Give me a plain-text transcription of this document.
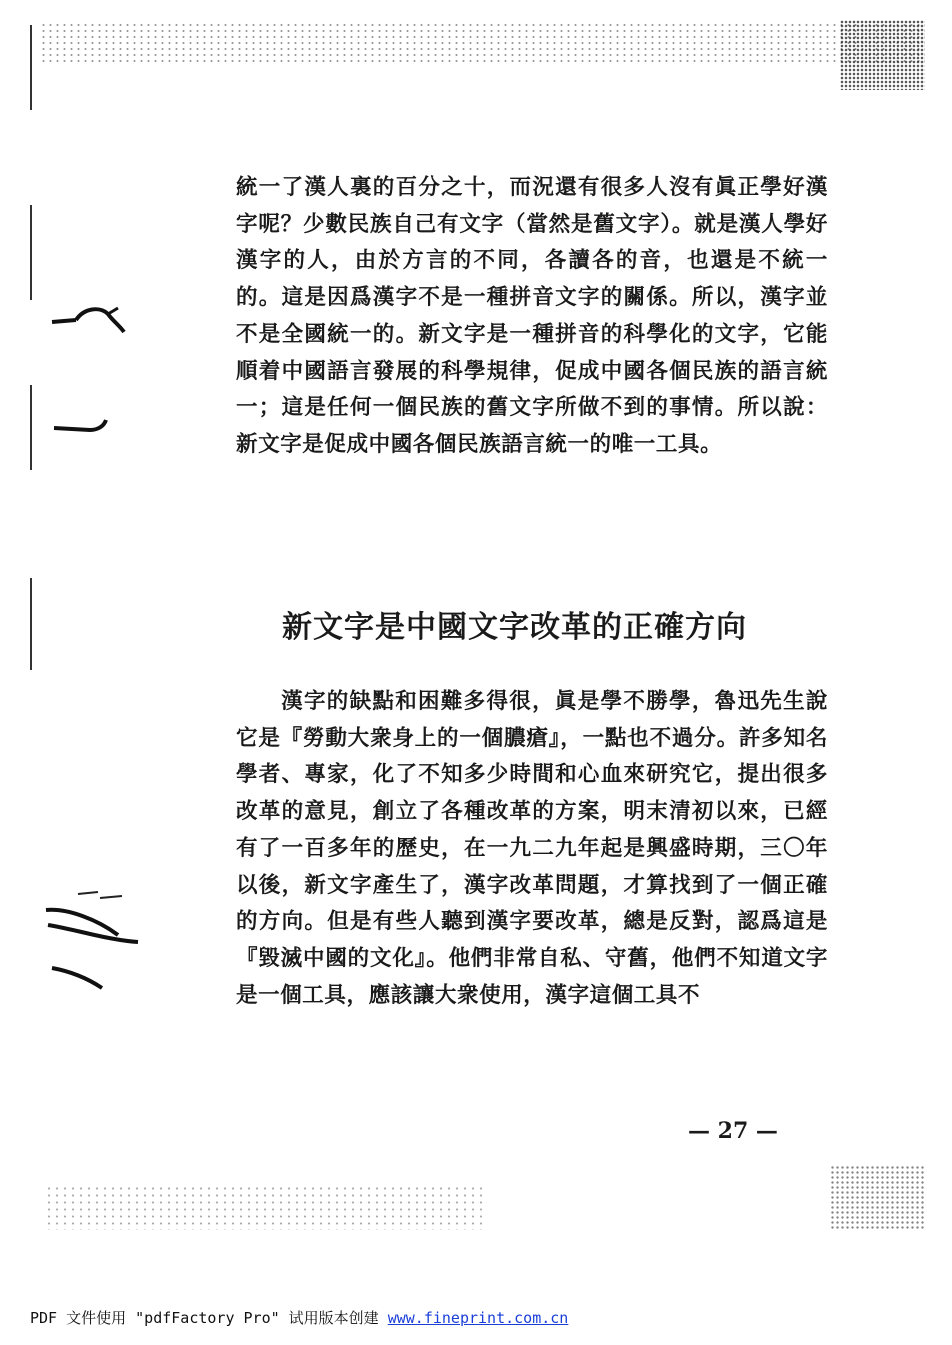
統一了漢人裏的百分之十，而況還有很多人沒有眞正學好漢字呢？少數民族自己有文字（當然是舊文字）。就是漢人學好漢字的人，由於方言的不同，各讀各的音，也還是不統一的。這是因爲漢字不是一種拼音文字的關係。所以，漢字並不是全國統一的。新文字是一種拼音的科學化的文字，它能順着中國語言發展的科學規律，促成中國各個民族的語言統一；這是任何一個民族的舊文字所做不到的事情。所以說：新文字是促成中國各個民族語言統一的唯一工具。

新文字是中國文字改革的正確方向

漢字的缺點和困難多得很，眞是學不勝學，魯迅先生說它是『勞動大衆身上的一個膿瘡』，一點也不過分。許多知名學者、專家，化了不知多少時間和心血來研究它，提出很多改革的意見，創立了各種改革的方案，明末清初以來，已經有了一百多年的歷史，在一九二九年起是興盛時期，三〇年以後，新文字產生了，漢字改革問題，才算找到了一個正確的方向。但是有些人聽到漢字要改革，總是反對，認爲這是『毀滅中國的文化』。他們非常自私、守舊，他們不知道文字是一個工具，應該讓大衆使用，漢字這個工具不

— 27 —
PDF 文件使用 "pdfFactory Pro" 试用版本创建 www.fineprint.com.cn
